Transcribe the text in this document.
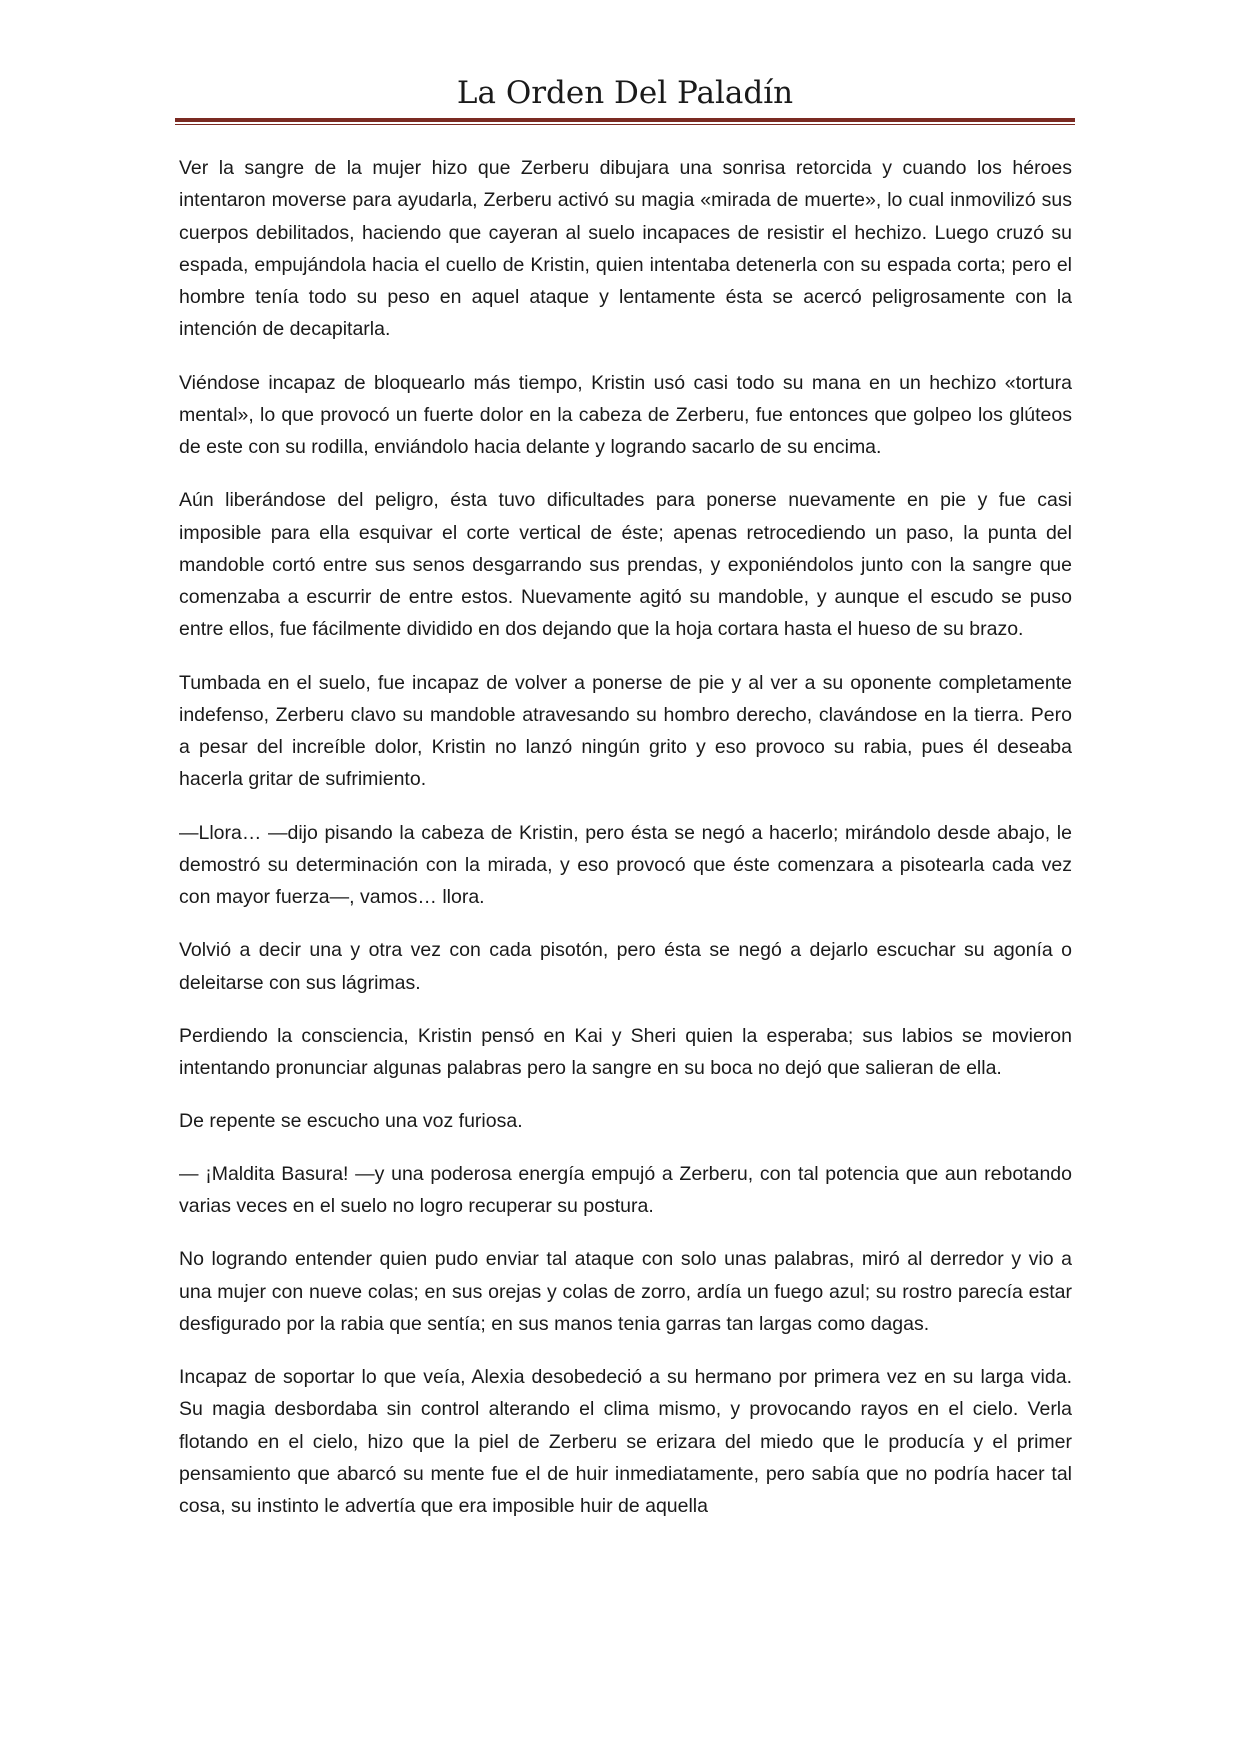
La Orden Del Paladín

Ver la sangre de la mujer hizo que Zerberu dibujara una sonrisa retorcida y cuando los héroes intentaron moverse para ayudarla, Zerberu activó su magia «mirada de muerte», lo cual inmovilizó sus cuerpos debilitados, haciendo que cayeran al suelo incapaces de resistir el hechizo. Luego cruzó su espada, empujándola hacia el cuello de Kristin, quien intentaba detenerla con su espada corta; pero el hombre tenía todo su peso en aquel ataque y lentamente ésta se acercó peligrosamente con la intención de decapitarla.

Viéndose incapaz de bloquearlo más tiempo, Kristin usó casi todo su mana en un hechizo «tortura mental», lo que provocó un fuerte dolor en la cabeza de Zerberu, fue entonces que golpeo los glúteos de este con su rodilla, enviándolo hacia delante y logrando sacarlo de su encima.

Aún liberándose del peligro, ésta tuvo dificultades para ponerse nuevamente en pie y fue casi imposible para ella esquivar el corte vertical de éste; apenas retrocediendo un paso, la punta del mandoble cortó entre sus senos desgarrando sus prendas, y exponiéndolos junto con la sangre que comenzaba a escurrir de entre estos. Nuevamente agitó su mandoble, y aunque el escudo se puso entre ellos, fue fácilmente dividido en dos dejando que la hoja cortara hasta el hueso de su brazo.

Tumbada en el suelo, fue incapaz de volver a ponerse de pie y al ver a su oponente completamente indefenso, Zerberu clavo su mandoble atravesando su hombro derecho, clavándose en la tierra. Pero a pesar del increíble dolor, Kristin no lanzó ningún grito y eso provoco su rabia, pues él deseaba hacerla gritar de sufrimiento.

—Llora… —dijo pisando la cabeza de Kristin, pero ésta se negó a hacerlo; mirándolo desde abajo, le demostró su determinación con la mirada, y eso provocó que éste comenzara a pisotearla cada vez con mayor fuerza—, vamos… llora.

Volvió a decir una y otra vez con cada pisotón, pero ésta se negó a dejarlo escuchar su agonía o deleitarse con sus lágrimas.

Perdiendo la consciencia, Kristin pensó en Kai y Sheri quien la esperaba; sus labios se movieron intentando pronunciar algunas palabras pero la sangre en su boca no dejó que salieran de ella.

De repente se escucho una voz furiosa.

— ¡Maldita Basura! —y una poderosa energía empujó a Zerberu, con tal potencia que aun rebotando varias veces en el suelo no logro recuperar su postura.

No logrando entender quien pudo enviar tal ataque con solo unas palabras, miró al derredor y vio a una mujer con nueve colas; en sus orejas y colas de zorro, ardía un fuego azul; su rostro parecía estar desfigurado por la rabia que sentía; en sus manos tenia garras tan largas como dagas.

Incapaz de soportar lo que veía, Alexia desobedeció a su hermano por primera vez en su larga vida. Su magia desbordaba sin control alterando el clima mismo, y provocando rayos en el cielo. Verla flotando en el cielo, hizo que la piel de Zerberu se erizara del miedo que le producía y el primer pensamiento que abarcó su mente fue el de huir inmediatamente, pero sabía que no podría hacer tal cosa, su instinto le advertía que era imposible huir de aquella
